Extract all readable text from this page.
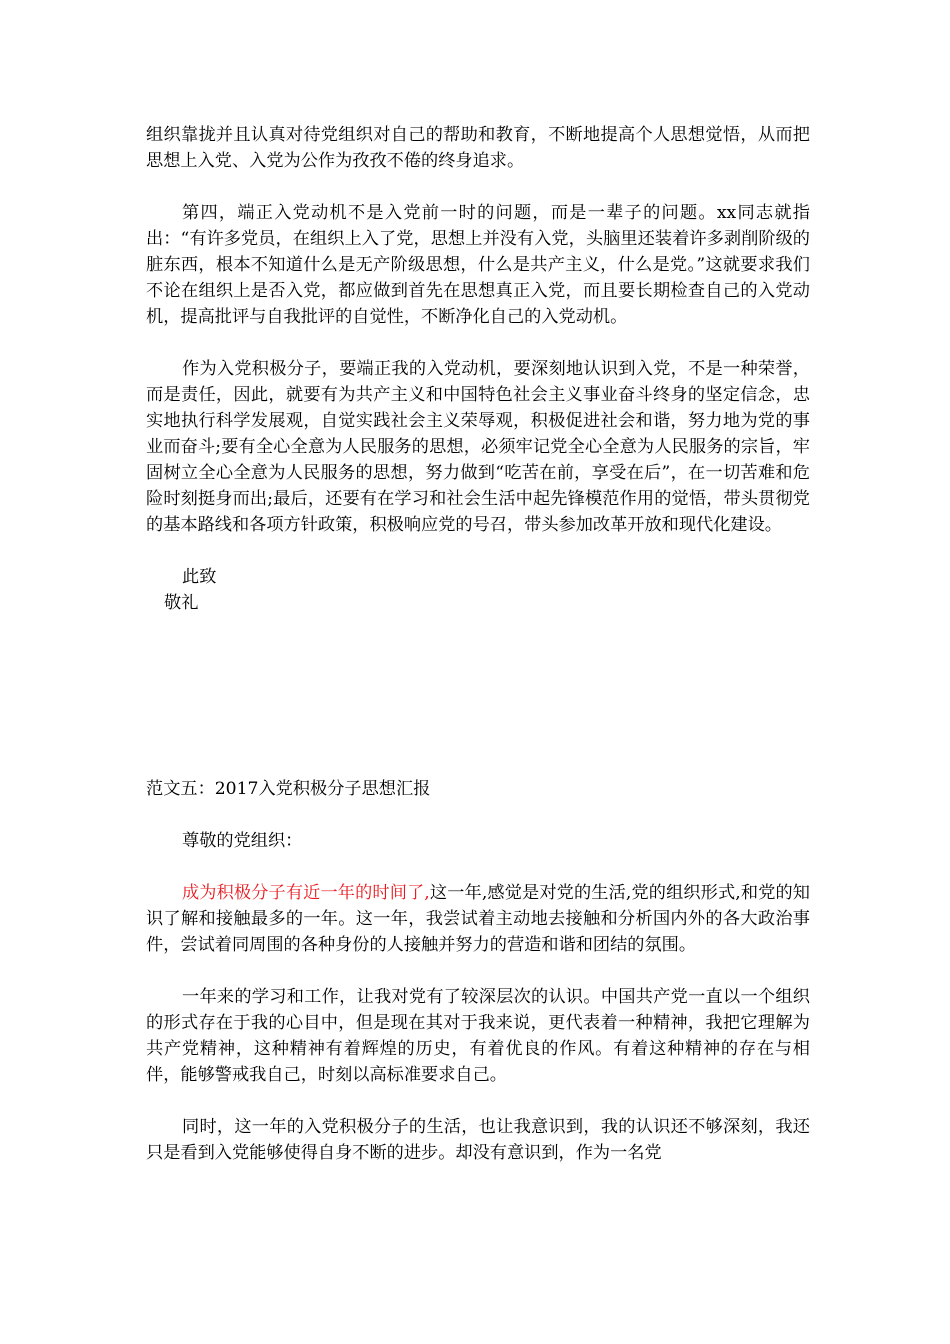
组织靠拢并且认真对待党组织对自己的帮助和教育，不断地提高个人思想觉悟，从而把思想上入党、入党为公作为孜孜不倦的终身追求。

第四，端正入党动机不是入党前一时的问题，而是一辈子的问题。xx同志就指出：“有许多党员，在组织上入了党，思想上并没有入党，头脑里还装着许多剥削阶级的脏东西，根本不知道什么是无产阶级思想，什么是共产主义，什么是党。”这就要求我们不论在组织上是否入党，都应做到首先在思想真正入党，而且要长期检查自己的入党动机，提高批评与自我批评的自觉性，不断净化自己的入党动机。

作为入党积极分子，要端正我的入党动机，要深刻地认识到入党，不是一种荣誉，而是责任，因此，就要有为共产主义和中国特色社会主义事业奋斗终身的坚定信念，忠实地执行科学发展观，自觉实践社会主义荣辱观，积极促进社会和谐，努力地为党的事业而奋斗;要有全心全意为人民服务的思想，必须牢记党全心全意为人民服务的宗旨，牢固树立全心全意为人民服务的思想，努力做到“吃苦在前，享受在后”，在一切苦难和危险时刻挺身而出;最后，还要有在学习和社会生活中起先锋模范作用的觉悟，带头贯彻党的基本路线和各项方针政策，积极响应党的号召，带头参加改革开放和现代化建设。

此致
敬礼

范文五：2017入党积极分子思想汇报

尊敬的党组织：

成为积极分子有近一年的时间了,这一年,感觉是对党的生活,党的组织形式,和党的知识了解和接触最多的一年。这一年，我尝试着主动地去接触和分析国内外的各大政治事件，尝试着同周围的各种身份的人接触并努力的营造和谐和团结的氛围。

一年来的学习和工作，让我对党有了较深层次的认识。中国共产党一直以一个组织的形式存在于我的心目中，但是现在其对于我来说，更代表着一种精神，我把它理解为共产党精神，这种精神有着辉煌的历史，有着优良的作风。有着这种精神的存在与相伴，能够警戒我自己，时刻以高标准要求自己。

同时，这一年的入党积极分子的生活，也让我意识到，我的认识还不够深刻，我还只是看到入党能够使得自身不断的进步。却没有意识到，作为一名党
